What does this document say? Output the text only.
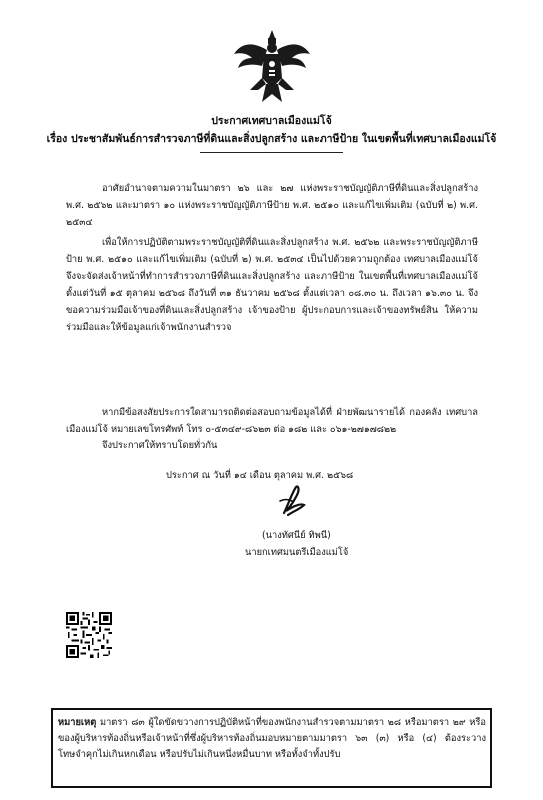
ประกาศเทศบาลเมืองแม่โจ้
เรื่อง ประชาสัมพันธ์การสำรวจภาษีที่ดินและสิ่งปลูกสร้าง และภาษีป้าย ในเขตพื้นที่เทศบาลเมืองแม่โจ้
อาศัยอำนาจตามความในมาตรา ๒๖ และ ๒๗ แห่งพระราชบัญญัติภาษีที่ดินและสิ่งปลูกสร้าง พ.ศ. ๒๕๖๒ และมาตรา ๑๐ แห่งพระราชบัญญัติภาษีป้าย พ.ศ. ๒๕๑๐ และแก้ไขเพิ่มเติม (ฉบับที่ ๒) พ.ศ. ๒๕๓๔
เพื่อให้การปฏิบัติตามพระราชบัญญัติที่ดินและสิ่งปลูกสร้าง พ.ศ. ๒๕๖๒ และพระราชบัญญัติภาษีป้าย พ.ศ. ๒๕๑๐ และแก้ไขเพิ่มเติม (ฉบับที่ ๒) พ.ศ. ๒๕๓๔ เป็นไปด้วยความถูกต้อง เทศบาลเมืองแม่โจ้ จึงจะจัดส่งเจ้าหน้าที่ทำการสำรวจภาษีที่ดินและสิ่งปลูกสร้าง และภาษีป้าย ในเขตพื้นที่เทศบาลเมืองแม่โจ้ ตั้งแต่วันที่ ๑๕ ตุลาคม ๒๕๖๘ ถึงวันที่ ๓๑ ธันวาคม ๒๕๖๘ ตั้งแต่เวลา ๐๘.๓๐ น. ถึงเวลา ๑๖.๓๐ น. จึงขอความร่วมมือเจ้าของที่ดินและสิ่งปลูกสร้าง เจ้าของป้าย ผู้ประกอบการและเจ้าของทรัพย์สิน ให้ความร่วมมือและให้ข้อมูลแก่เจ้าพนักงานสำรวจ
หากมีข้อสงสัยประการใดสามารถติดต่อสอบถามข้อมูลได้ที่ ฝ่ายพัฒนารายได้ กองคลัง เทศบาลเมืองแม่โจ้ หมายเลขโทรศัพท์ โทร ๐-๕๓๔๙-๘๖๒๓ ต่อ ๑๘๒ และ ๐๖๑-๒๗๑๗๘๒๒
จึงประกาศให้ทราบโดยทั่วกัน
ประกาศ ณ วันที่ ๑๔ เดือน ตุลาคม พ.ศ. ๒๕๖๘
(นางทัศนีย์ ทิพนี)
นายกเทศมนตรีเมืองแม่โจ้
หมายเหตุ มาตรา ๘๓ ผู้ใดขัดขวางการปฏิบัติหน้าที่ของพนักงานสำรวจตามมาตรา ๒๘ หรือมาตรา ๒๙ หรือของผู้บริหารท้องถิ่นหรือเจ้าหน้าที่ซึ่งผู้บริหารท้องถิ่นมอบหมายตามมาตรา ๖๓ (๓) หรือ (๔) ต้องระวางโทษจำคุกไม่เกินหกเดือน หรือปรับไม่เกินหนึ่งหมื่นบาท หรือทั้งจำทั้งปรับ
